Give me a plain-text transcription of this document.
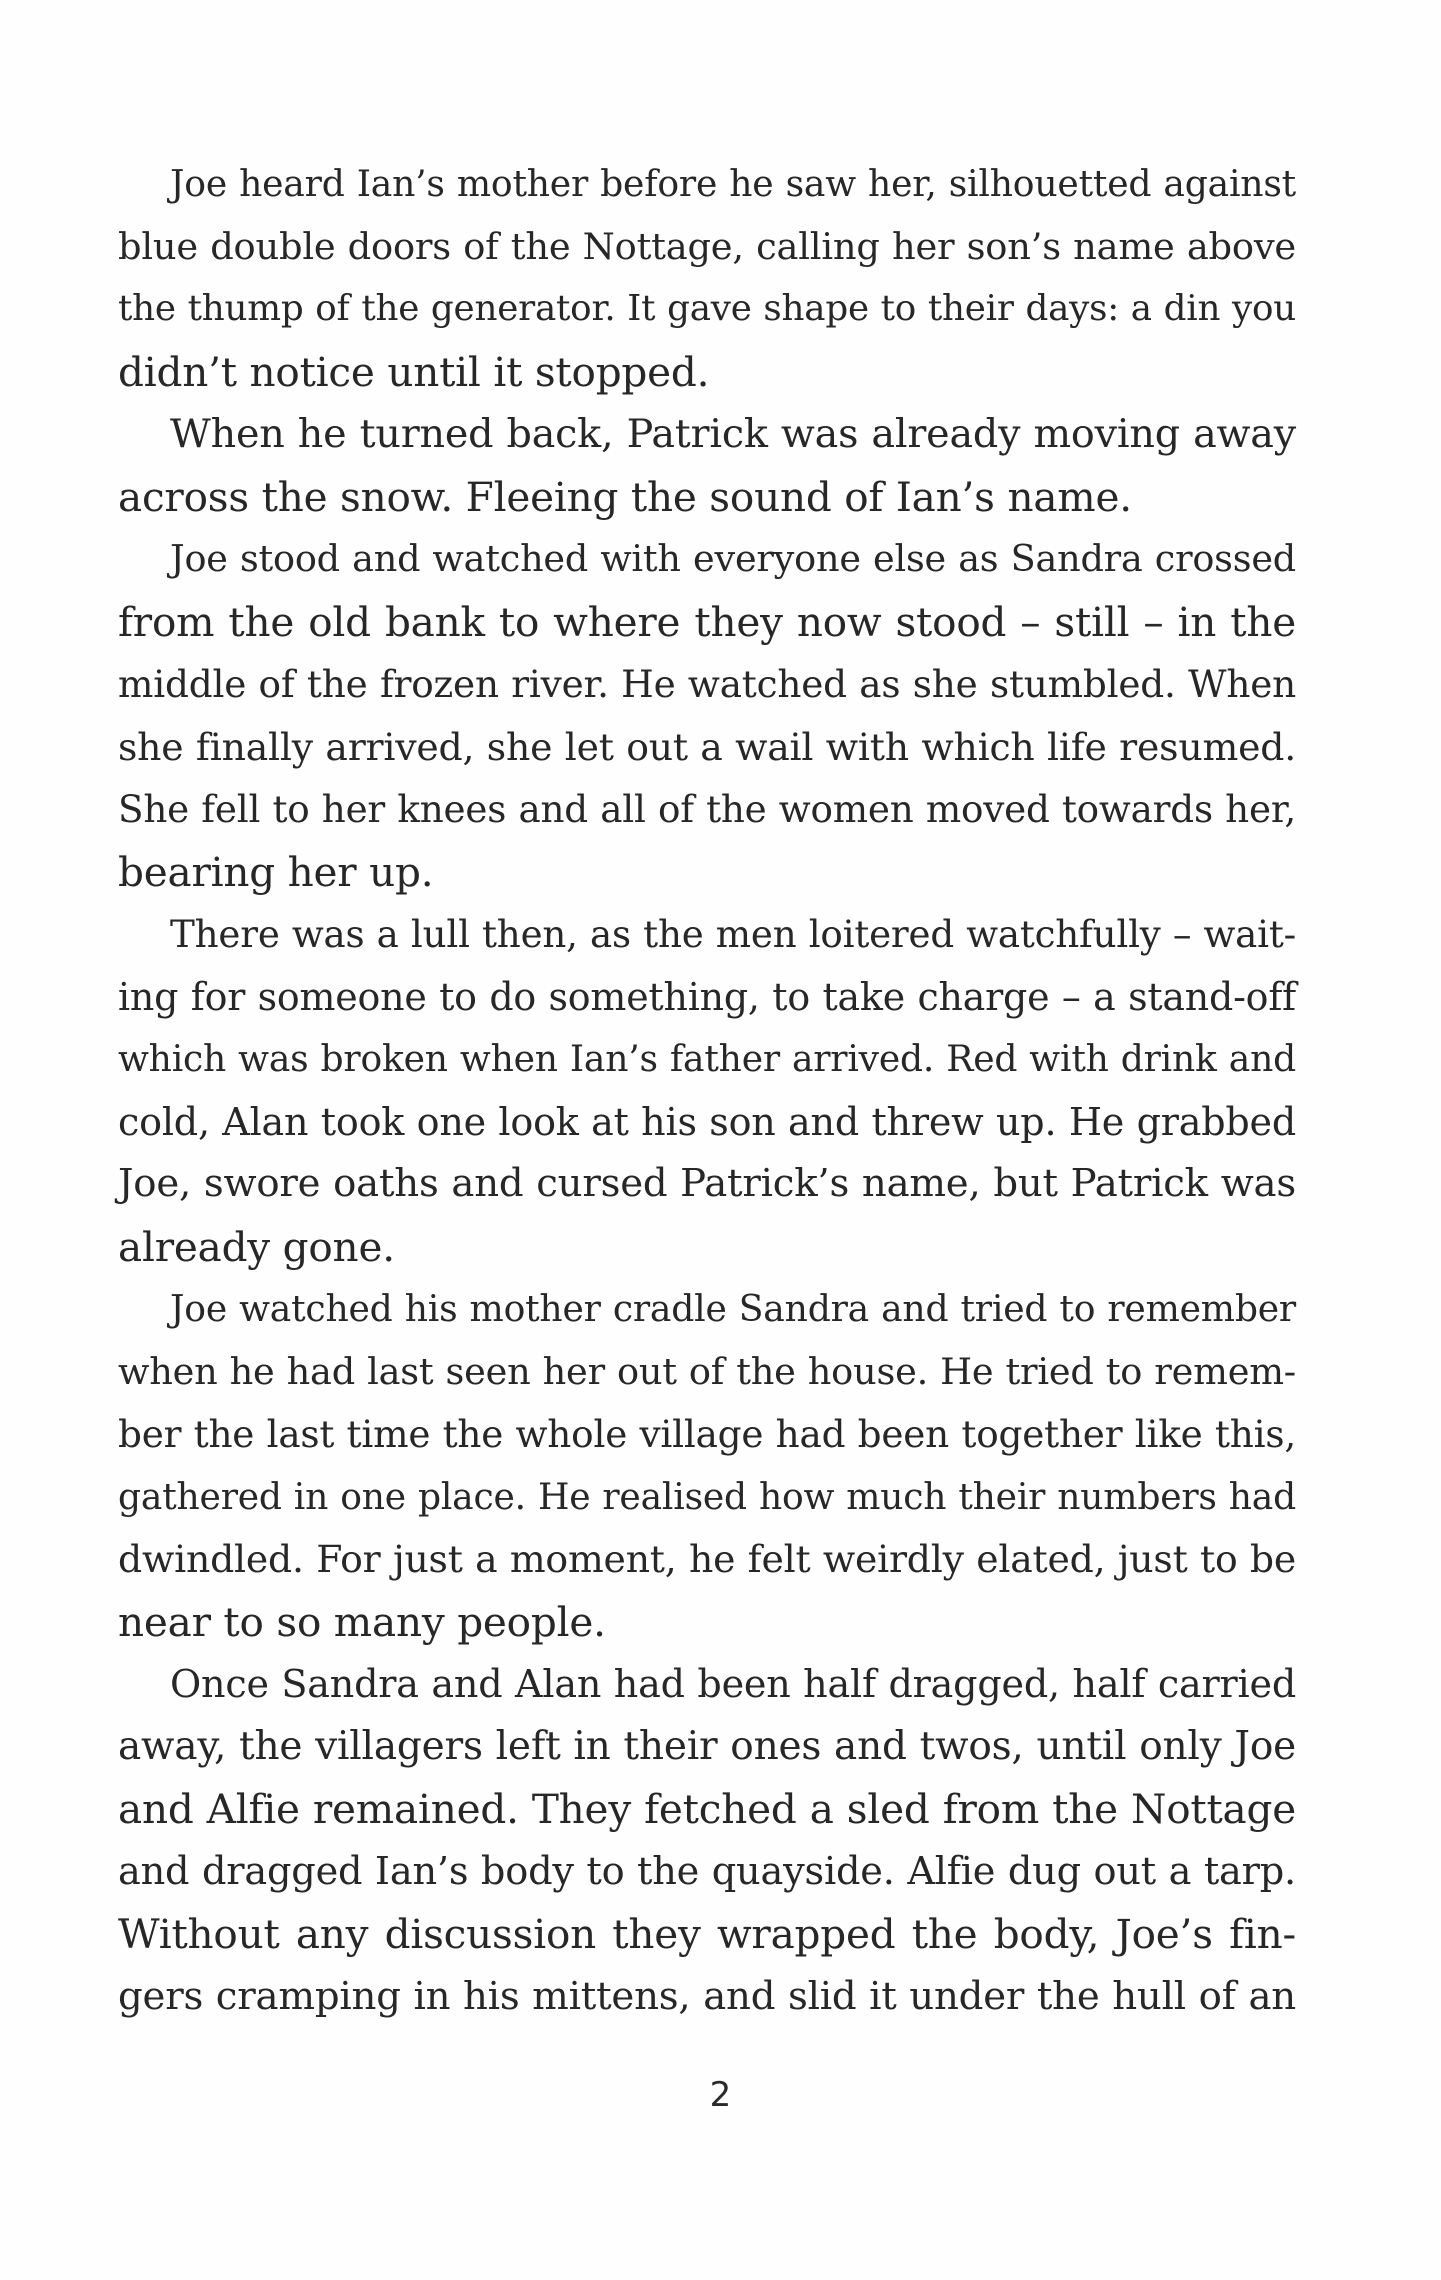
Joe heard Ian’s mother before he saw her, silhouetted against
blue double doors of the Nottage, calling her son’s name above
the thump of the generator. It gave shape to their days: a din you
didn’t notice until it stopped.
When he turned back, Patrick was already moving away
across the snow. Fleeing the sound of Ian’s name.
Joe stood and watched with everyone else as Sandra crossed
from the old bank to where they now stood – still – in the
middle of the frozen river. He watched as she stumbled. When
she finally arrived, she let out a wail with which life resumed.
She fell to her knees and all of the women moved towards her,
bearing her up.
There was a lull then, as the men loitered watchfully – wait-
ing for someone to do something, to take charge – a stand-off
which was broken when Ian’s father arrived. Red with drink and
cold, Alan took one look at his son and threw up. He grabbed
Joe, swore oaths and cursed Patrick’s name, but Patrick was
already gone.
Joe watched his mother cradle Sandra and tried to remember
when he had last seen her out of the house. He tried to remem-
ber the last time the whole village had been together like this,
gathered in one place. He realised how much their numbers had
dwindled. For just a moment, he felt weirdly elated, just to be
near to so many people.
Once Sandra and Alan had been half dragged, half carried
away, the villagers left in their ones and twos, until only Joe
and Alfie remained. They fetched a sled from the Nottage
and dragged Ian’s body to the quayside. Alfie dug out a tarp.
Without any discussion they wrapped the body, Joe’s fin-
gers cramping in his mittens, and slid it under the hull of an
2
